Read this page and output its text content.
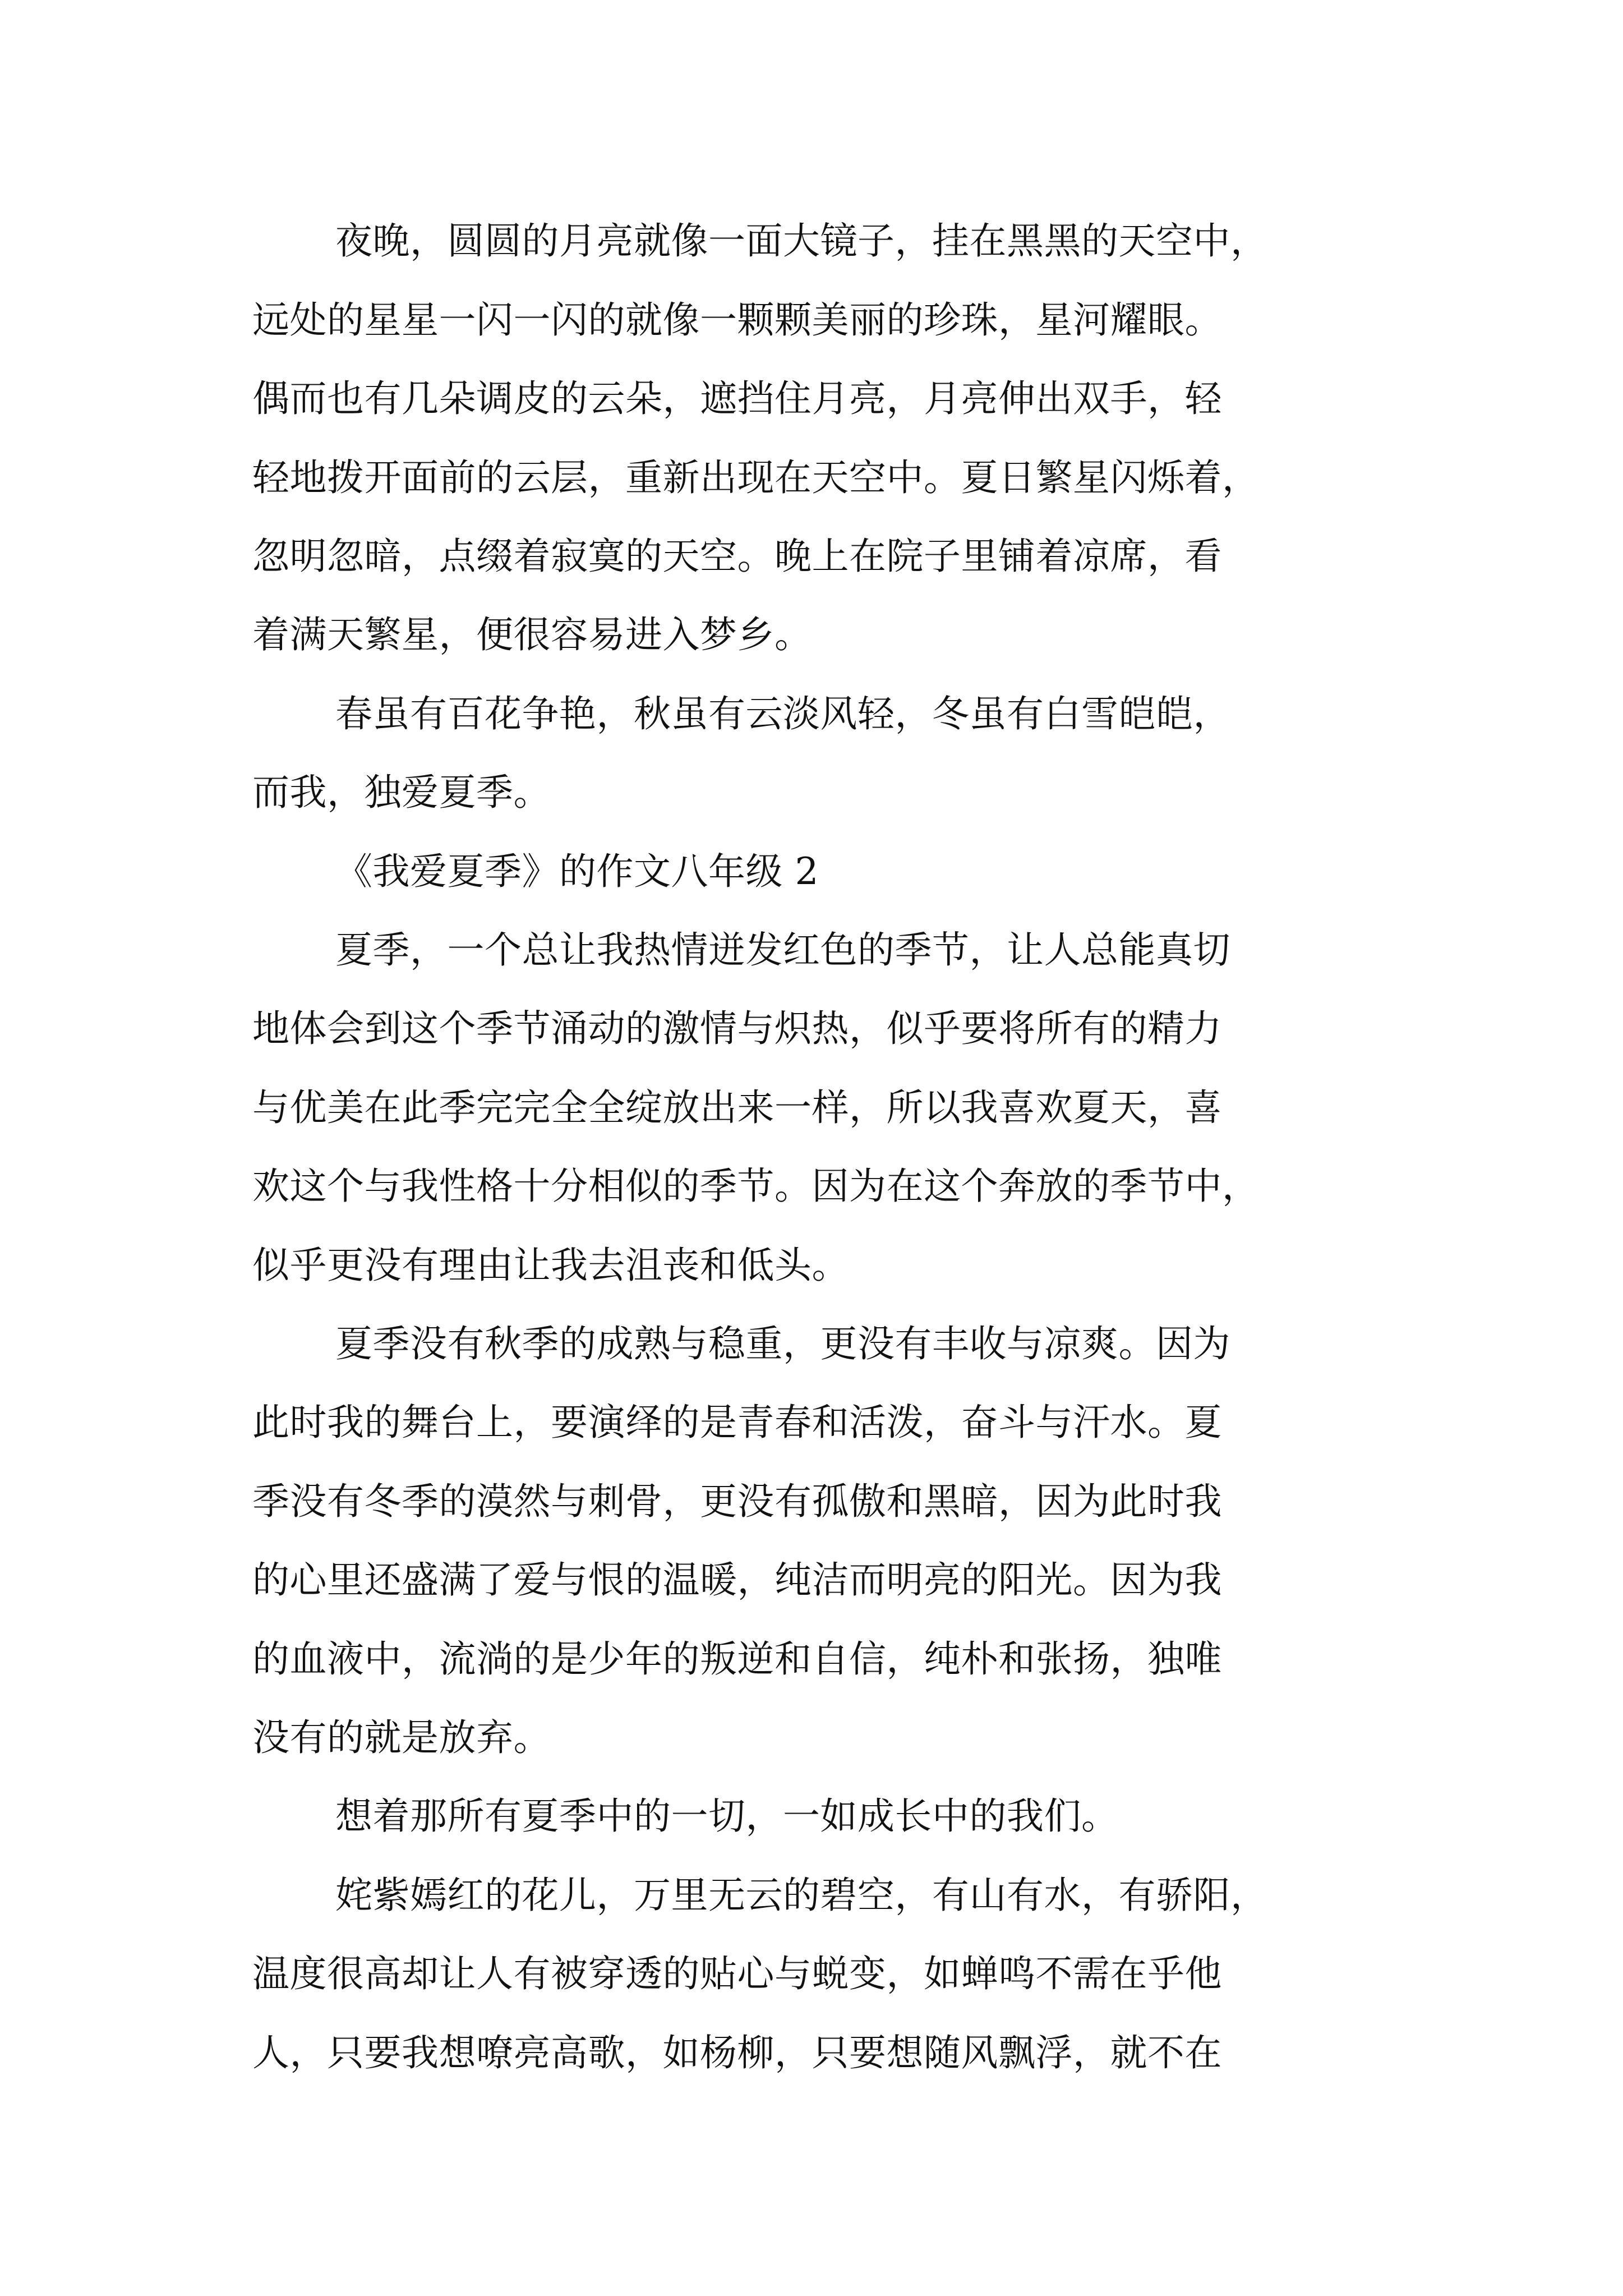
夜晚，圆圆的月亮就像一面大镜子，挂在黑黑的天空中，
远处的星星一闪一闪的就像一颗颗美丽的珍珠，星河耀眼。
偶而也有几朵调皮的云朵，遮挡住月亮，月亮伸出双手，轻
轻地拨开面前的云层，重新出现在天空中。夏日繁星闪烁着，
忽明忽暗，点缀着寂寞的天空。晚上在院子里铺着凉席，看
着满天繁星，便很容易进入梦乡。
春虽有百花争艳，秋虽有云淡风轻，冬虽有白雪皑皑，
而我，独爱夏季。
《我爱夏季》的作文八年级 2
夏季，一个总让我热情迸发红色的季节，让人总能真切
地体会到这个季节涌动的激情与炽热，似乎要将所有的精力
与优美在此季完完全全绽放出来一样，所以我喜欢夏天，喜
欢这个与我性格十分相似的季节。因为在这个奔放的季节中，
似乎更没有理由让我去沮丧和低头。
夏季没有秋季的成熟与稳重，更没有丰收与凉爽。因为
此时我的舞台上，要演绎的是青春和活泼，奋斗与汗水。夏
季没有冬季的漠然与刺骨，更没有孤傲和黑暗，因为此时我
的心里还盛满了爱与恨的温暖，纯洁而明亮的阳光。因为我
的血液中，流淌的是少年的叛逆和自信，纯朴和张扬，独唯
没有的就是放弃。
想着那所有夏季中的一切，一如成长中的我们。
姹紫嫣红的花儿，万里无云的碧空，有山有水，有骄阳，
温度很高却让人有被穿透的贴心与蜕变，如蝉鸣不需在乎他
人，只要我想嘹亮高歌，如杨柳，只要想随风飘浮，就不在
